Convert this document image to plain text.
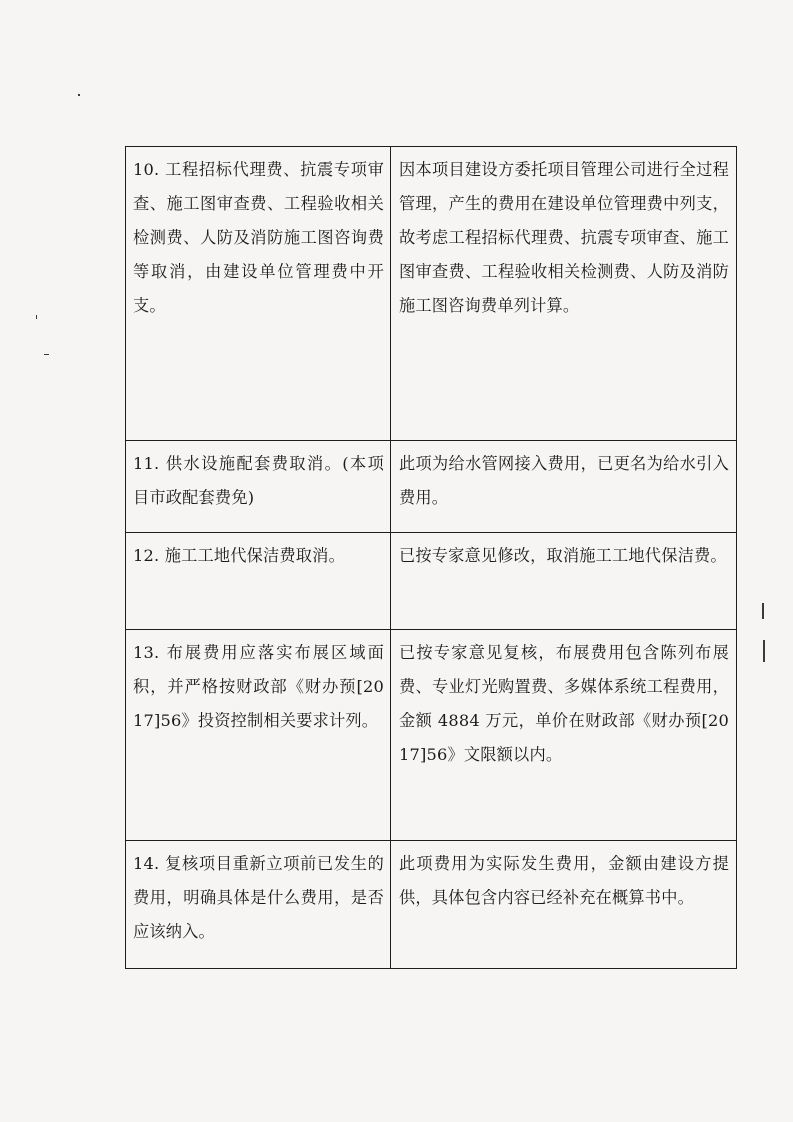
10. 工程招标代理费、抗震专项审查、施工图审查费、工程验收相关检测费、人防及消防施工图咨询费等取消，由建设单位管理费中开支。
因本项目建设方委托项目管理公司进行全过程管理，产生的费用在建设单位管理费中列支，故考虑工程招标代理费、抗震专项审查、施工图审查费、工程验收相关检测费、人防及消防施工图咨询费单列计算。
11. 供水设施配套费取消。(本项目市政配套费免)
此项为给水管网接入费用，已更名为给水引入费用。
12. 施工工地代保洁费取消。	已按专家意见修改，取消施工工地代保洁费。
13. 布展费用应落实布展区域面积，并严格按财政部《财办预[2017]56》投资控制相关要求计列。
已按专家意见复核，布展费用包含陈列布展费、专业灯光购置费、多媒体系统工程费用，金额 4884 万元，单价在财政部《财办预[2017]56》文限额以内。
14. 复核项目重新立项前已发生的费用，明确具体是什么费用，是否应该纳入。
此项费用为实际发生费用，金额由建设方提供，具体包含内容已经补充在概算书中。
